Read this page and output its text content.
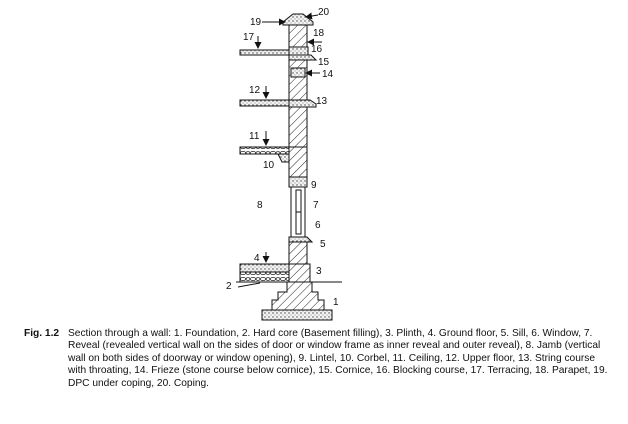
20
19
18
17
16
15
14
12
13
11
10
9
8	7
6
5
4
3
2
1
Fig. 1.2 Section through a wall: 1. Foundation, 2. Hard core (Basement filling), 3. Plinth, 4. Ground floor, 5. Sill, 6. Window, 7. Reveal (revealed vertical wall on the sides of door or window frame as inner reveal and outer reveal), 8. Jamb (vertical wall on both sides of doorway or window opening), 9. Lintel, 10. Corbel, 11. Ceiling, 12. Upper floor, 13. String course with throating, 14. Frieze (stone course below cornice), 15. Cornice, 16. Blocking course, 17. Terracing, 18. Parapet, 19. DPC under coping, 20. Coping.
